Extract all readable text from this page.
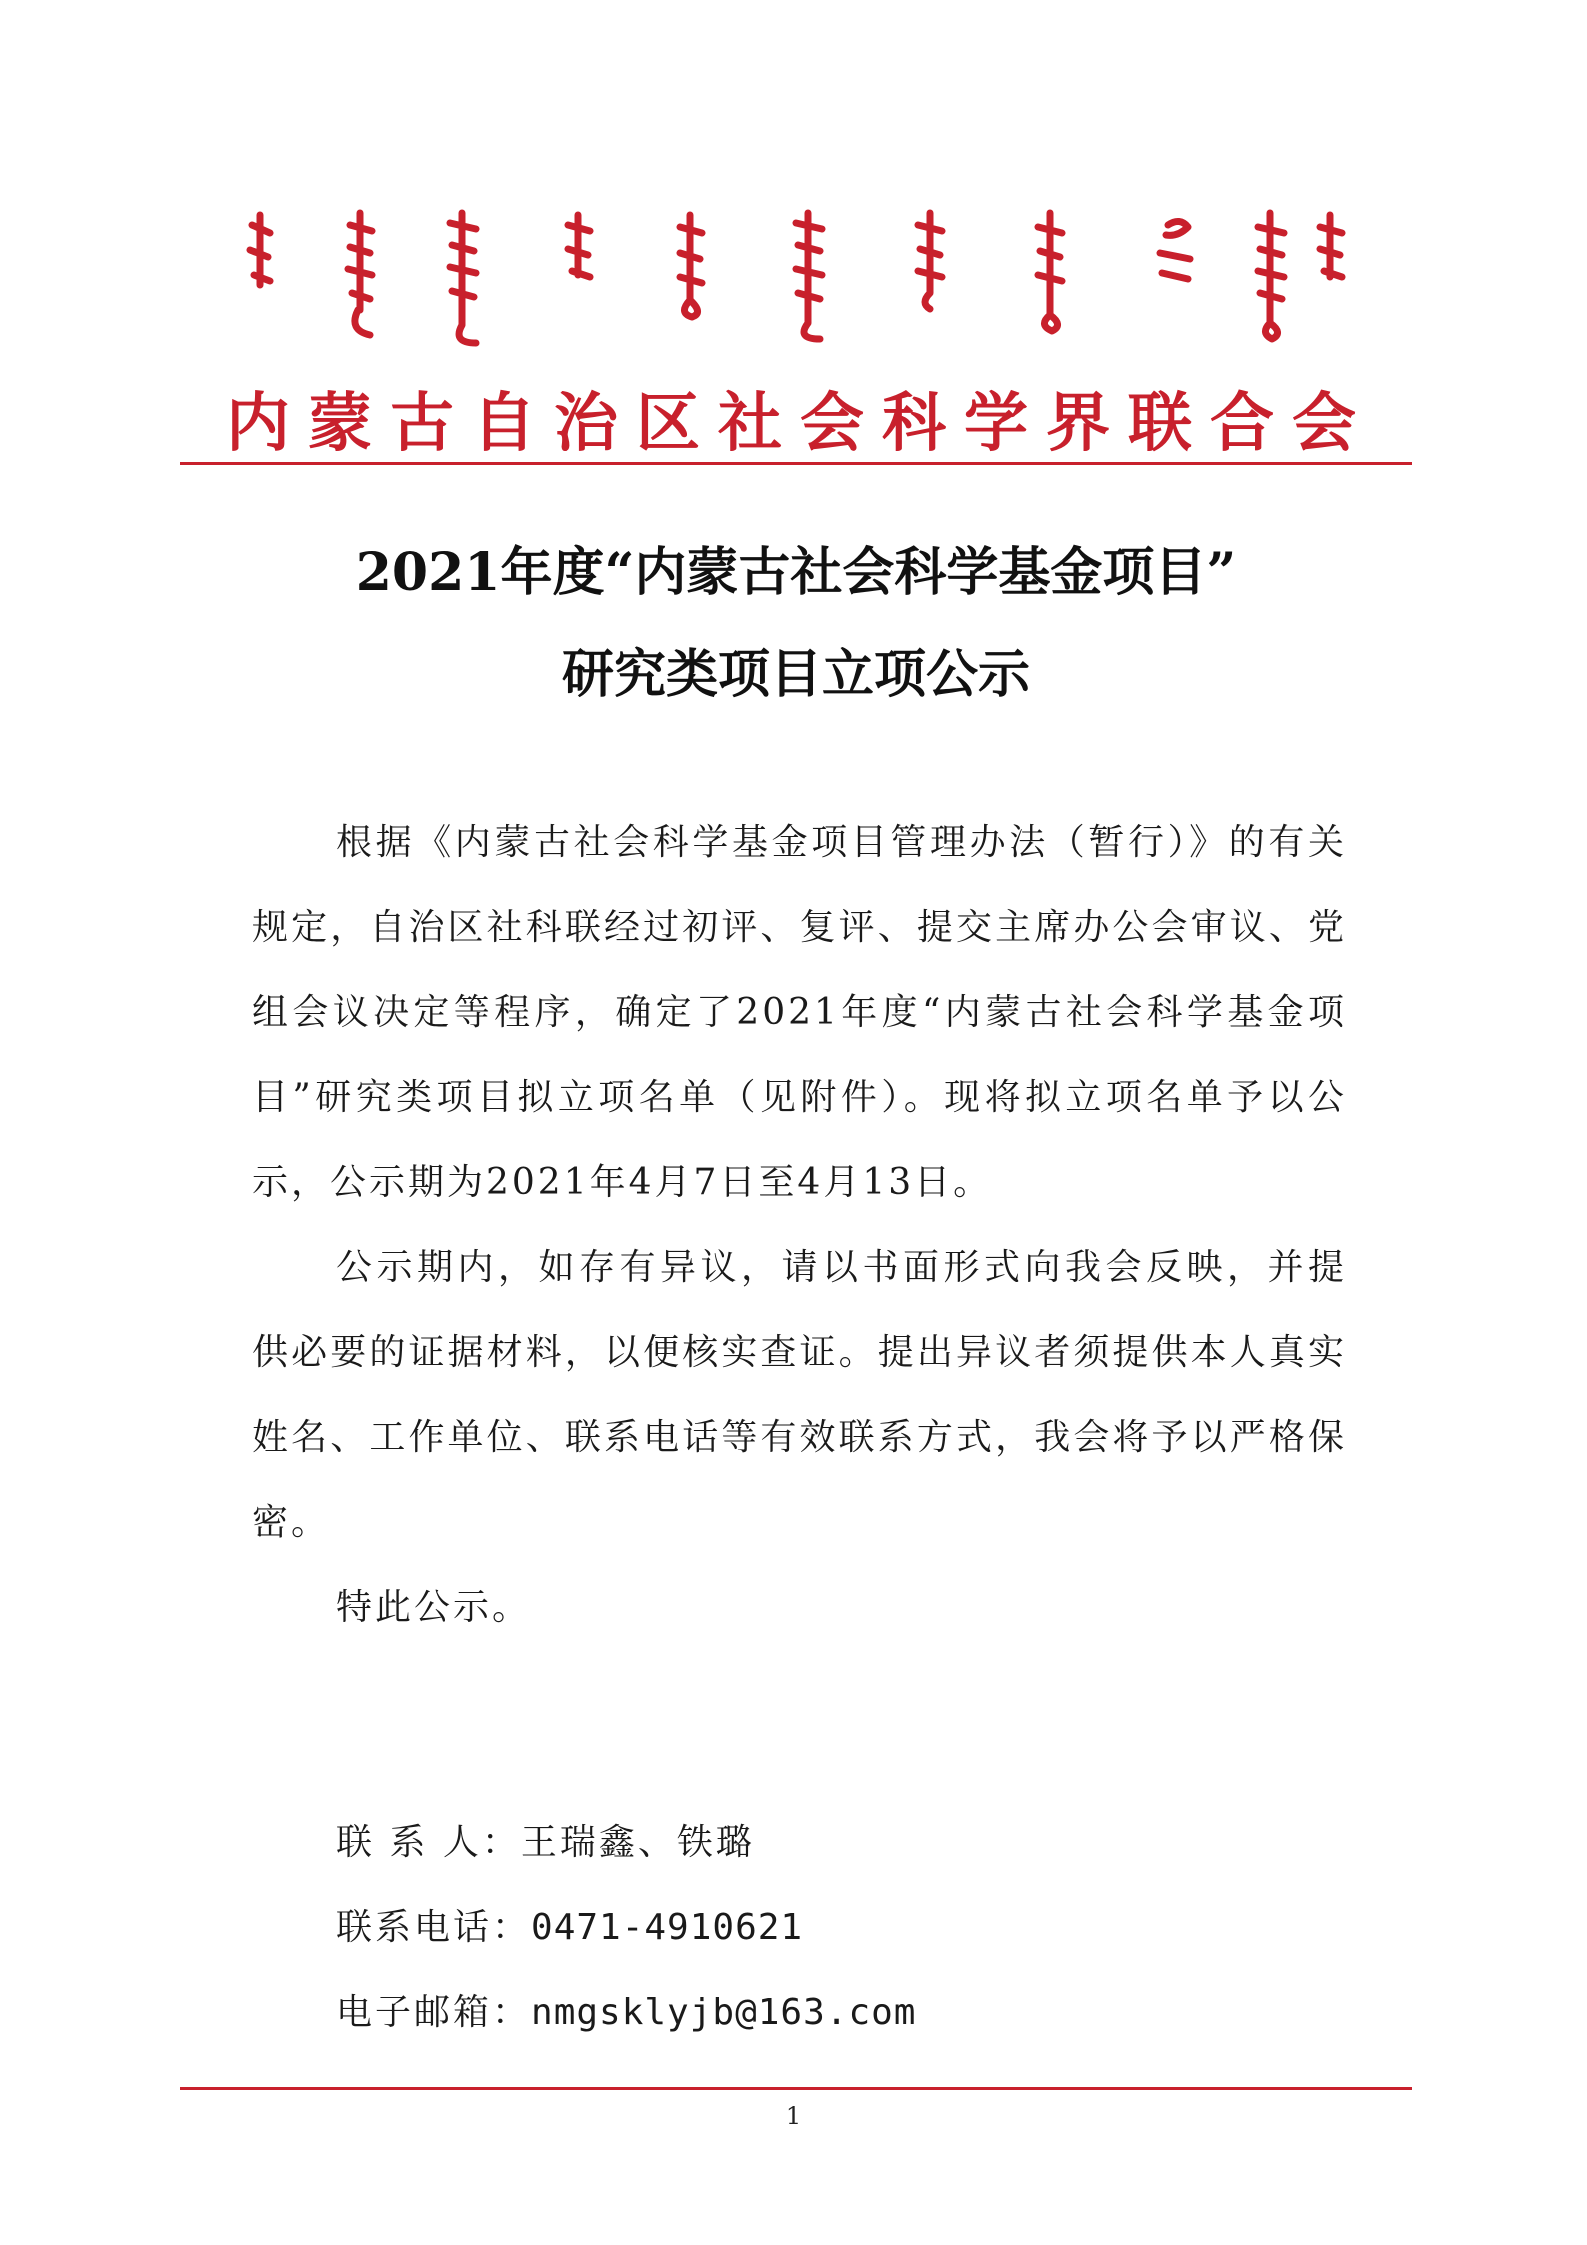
内蒙古自治区社会科学界联合会
2021年度“内蒙古社会科学基金项目”
研究类项目立项公示

根据《内蒙古社会科学基金项目管理办法（暂行）》的有关规定，自治区社科联经过初评、复评、提交主席办公会审议、党组会议决定等程序，确定了2021年度“内蒙古社会科学基金项目”研究类项目拟立项名单（见附件）。现将拟立项名单予以公示，公示期为2021年4月7日至4月13日。

公示期内，如存有异议，请以书面形式向我会反映，并提供必要的证据材料，以便核实查证。提出异议者须提供本人真实姓名、工作单位、联系电话等有效联系方式，我会将予以严格保密。

特此公示。

联 系 人：王瑞鑫、铁璐
联系电话：0471-4910621
电子邮箱：nmgsklyjb@163.com
1
